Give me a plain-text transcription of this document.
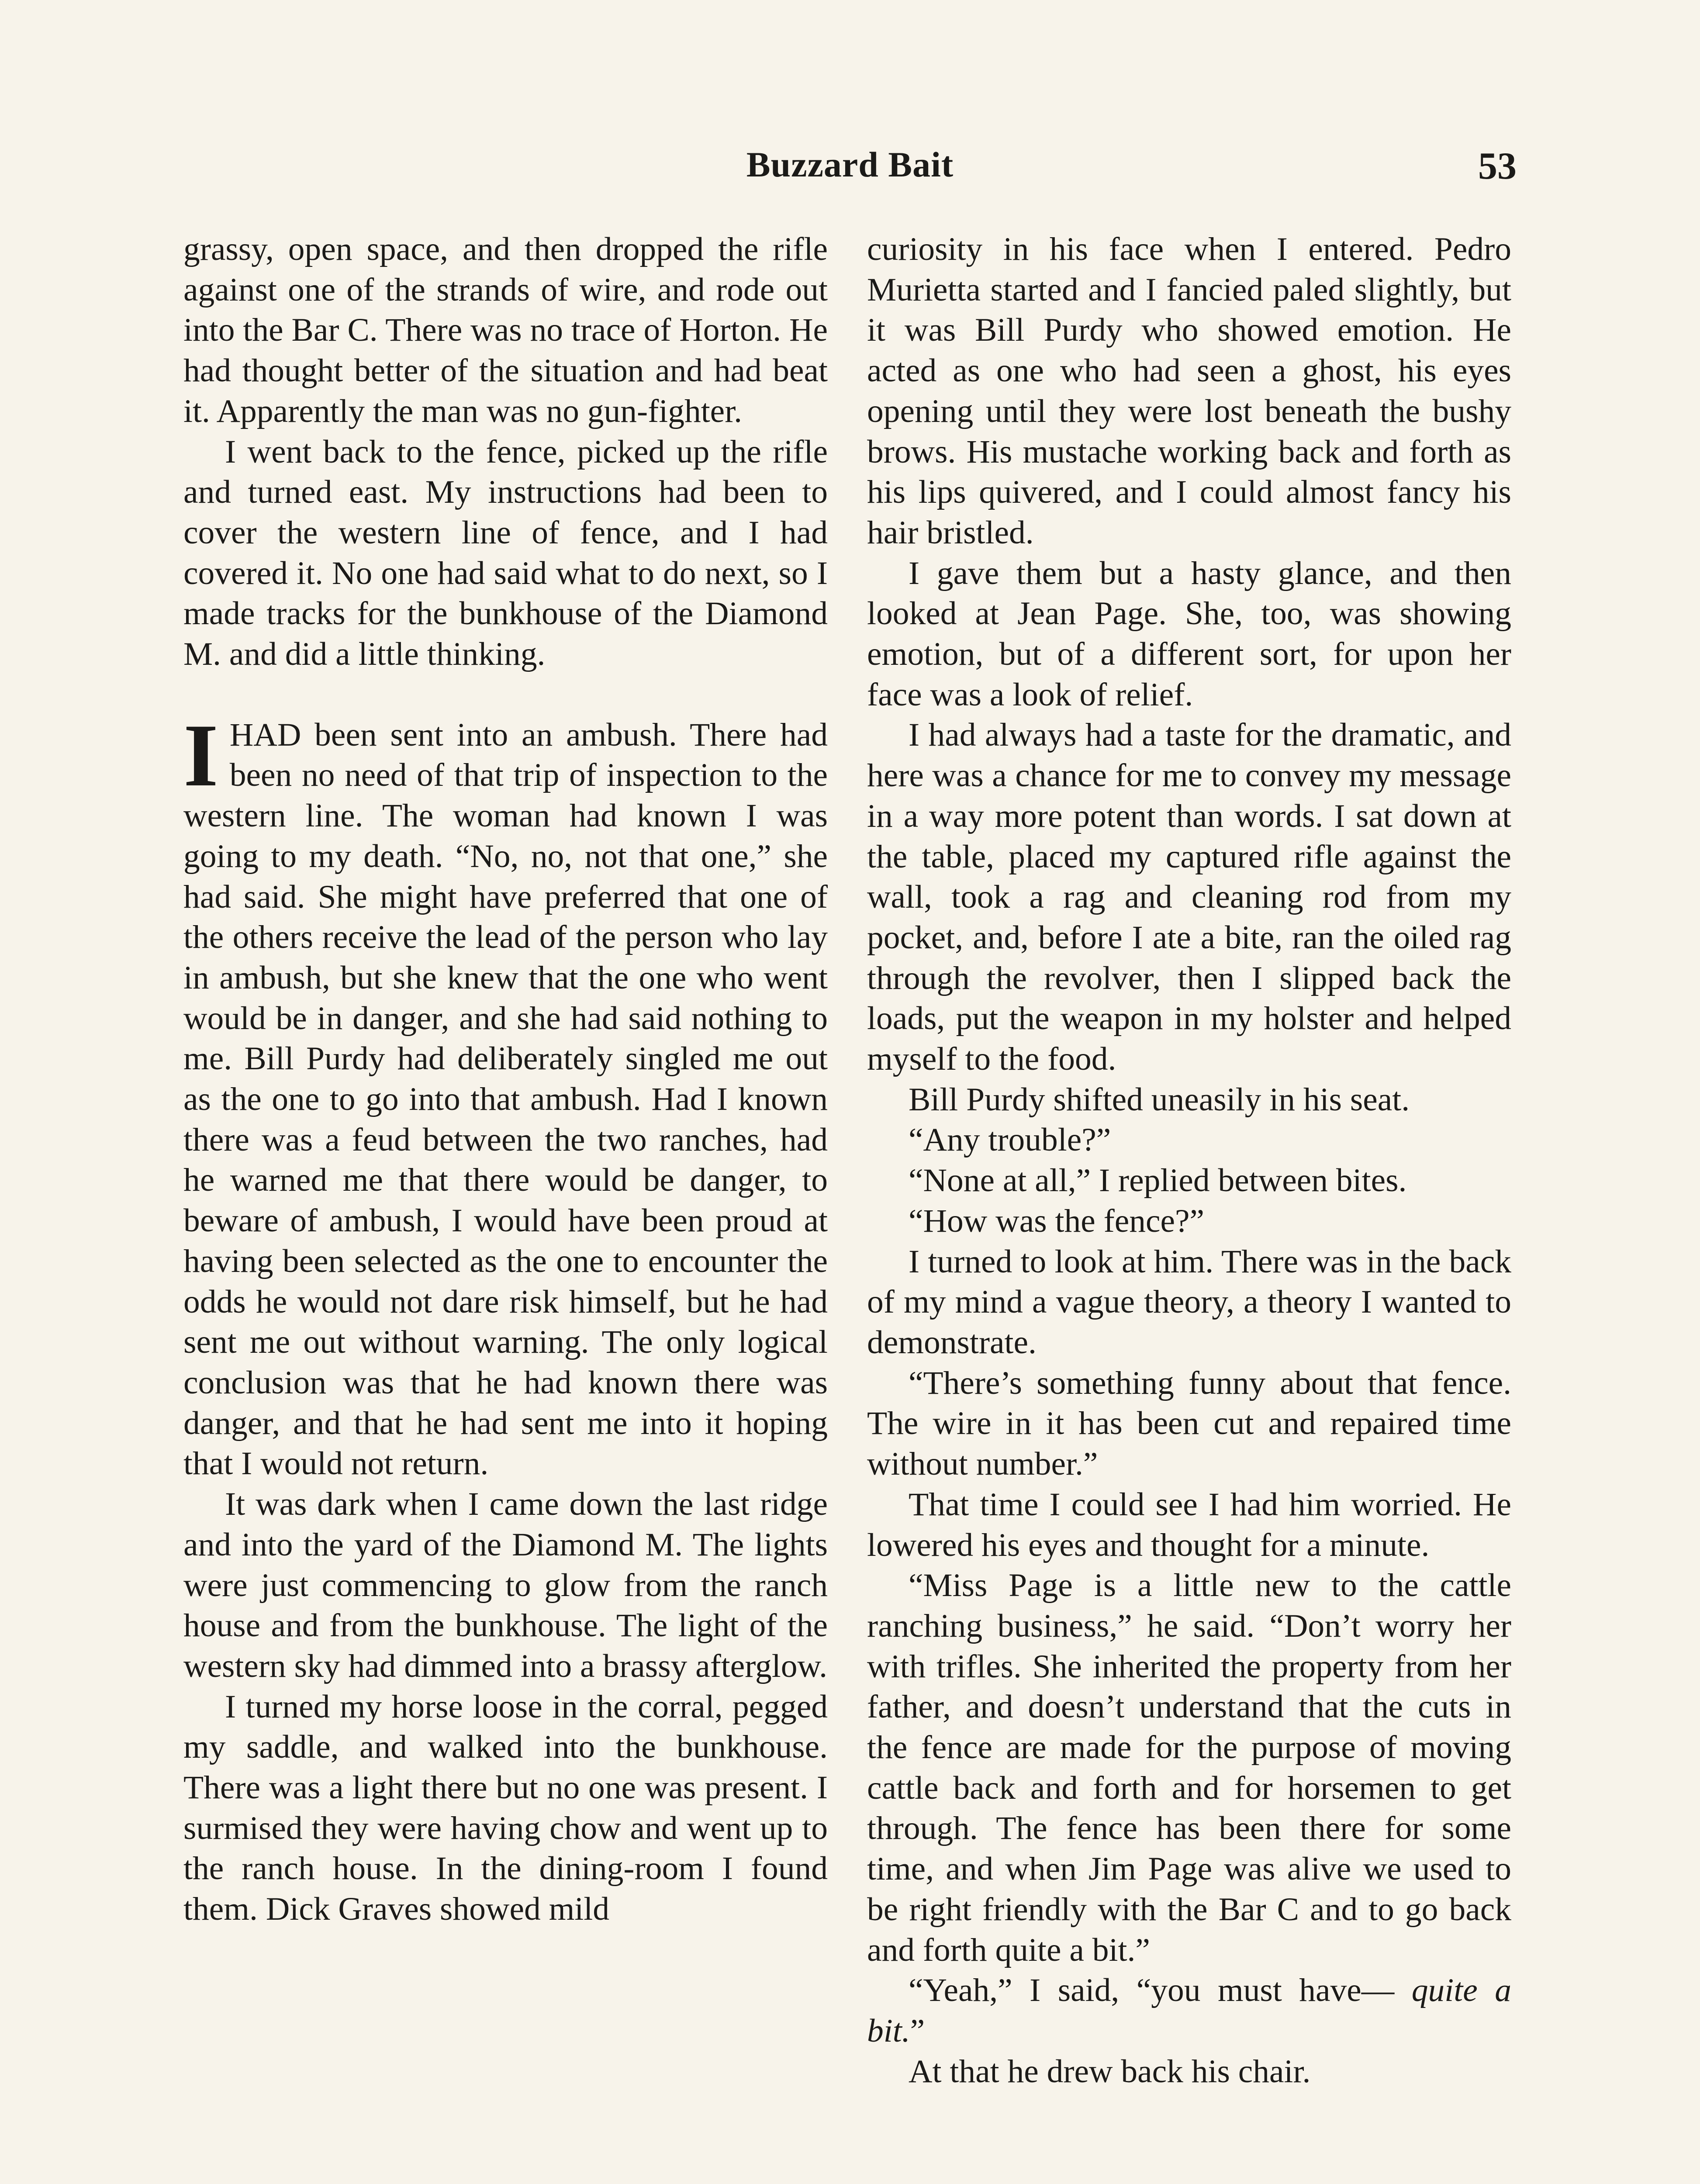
Buzzard Bait	53

grassy, open space, and then dropped the rifle against one of the strands of wire, and rode out into the Bar C. There was no trace of Horton. He had thought better of the situation and had beat it. Apparently the man was no gun-fighter.

I went back to the fence, picked up the rifle and turned east. My instructions had been to cover the western line of fence, and I had covered it. No one had said what to do next, so I made tracks for the bunkhouse of the Diamond M. and did a little thinking.

IHAD been sent into an ambush. There had been no need of that trip of inspection to the western line. The woman had known I was going to my death. “No, no, not that one,” she had said. She might have preferred that one of the others receive the lead of the person who lay in ambush, but she knew that the one who went would be in danger, and she had said nothing to me. Bill Purdy had deliberately singled me out as the one to go into that ambush. Had I known there was a feud between the two ranches, had he warned me that there would be danger, to beware of ambush, I would have been proud at having been selected as the one to encounter the odds he would not dare risk himself, but he had sent me out without warning. The only logical conclusion was that he had known there was danger, and that he had sent me into it hoping that I would not return.

It was dark when I came down the last ridge and into the yard of the Diamond M. The lights were just commencing to glow from the ranch house and from the bunkhouse. The light of the western sky had dimmed into a brassy afterglow.

I turned my horse loose in the corral, pegged my saddle, and walked into the bunkhouse. There was a light there but no one was present. I surmised they were having chow and went up to the ranch house. In the dining-room I found them. Dick Graves showed mild

curiosity in his face when I entered. Pedro Murietta started and I fancied paled slightly, but it was Bill Purdy who showed emotion. He acted as one who had seen a ghost, his eyes opening until they were lost beneath the bushy brows. His mustache working back and forth as his lips quivered, and I could almost fancy his hair bristled.

I gave them but a hasty glance, and then looked at Jean Page. She, too, was showing emotion, but of a different sort, for upon her face was a look of relief.

I had always had a taste for the dramatic, and here was a chance for me to convey my message in a way more potent than words. I sat down at the table, placed my captured rifle against the wall, took a rag and cleaning rod from my pocket, and, before I ate a bite, ran the oiled rag through the revolver, then I slipped back the loads, put the weapon in my holster and helped myself to the food.

Bill Purdy shifted uneasily in his seat.

“Any trouble?”

“None at all,” I replied between bites.

“How was the fence?”

I turned to look at him. There was in the back of my mind a vague theory, a theory I wanted to demonstrate.

“There’s something funny about that fence. The wire in it has been cut and repaired time without number.”

That time I could see I had him worried. He lowered his eyes and thought for a minute.

“Miss Page is a little new to the cattle ranching business,” he said. “Don’t worry her with trifles. She inherited the property from her father, and doesn’t understand that the cuts in the fence are made for the purpose of moving cattle back and forth and for horsemen to get through. The fence has been there for some time, and when Jim Page was alive we used to be right friendly with the Bar C and to go back and forth quite a bit.”

“Yeah,” I said, “you must have— quite a bit.”

At that he drew back his chair.
